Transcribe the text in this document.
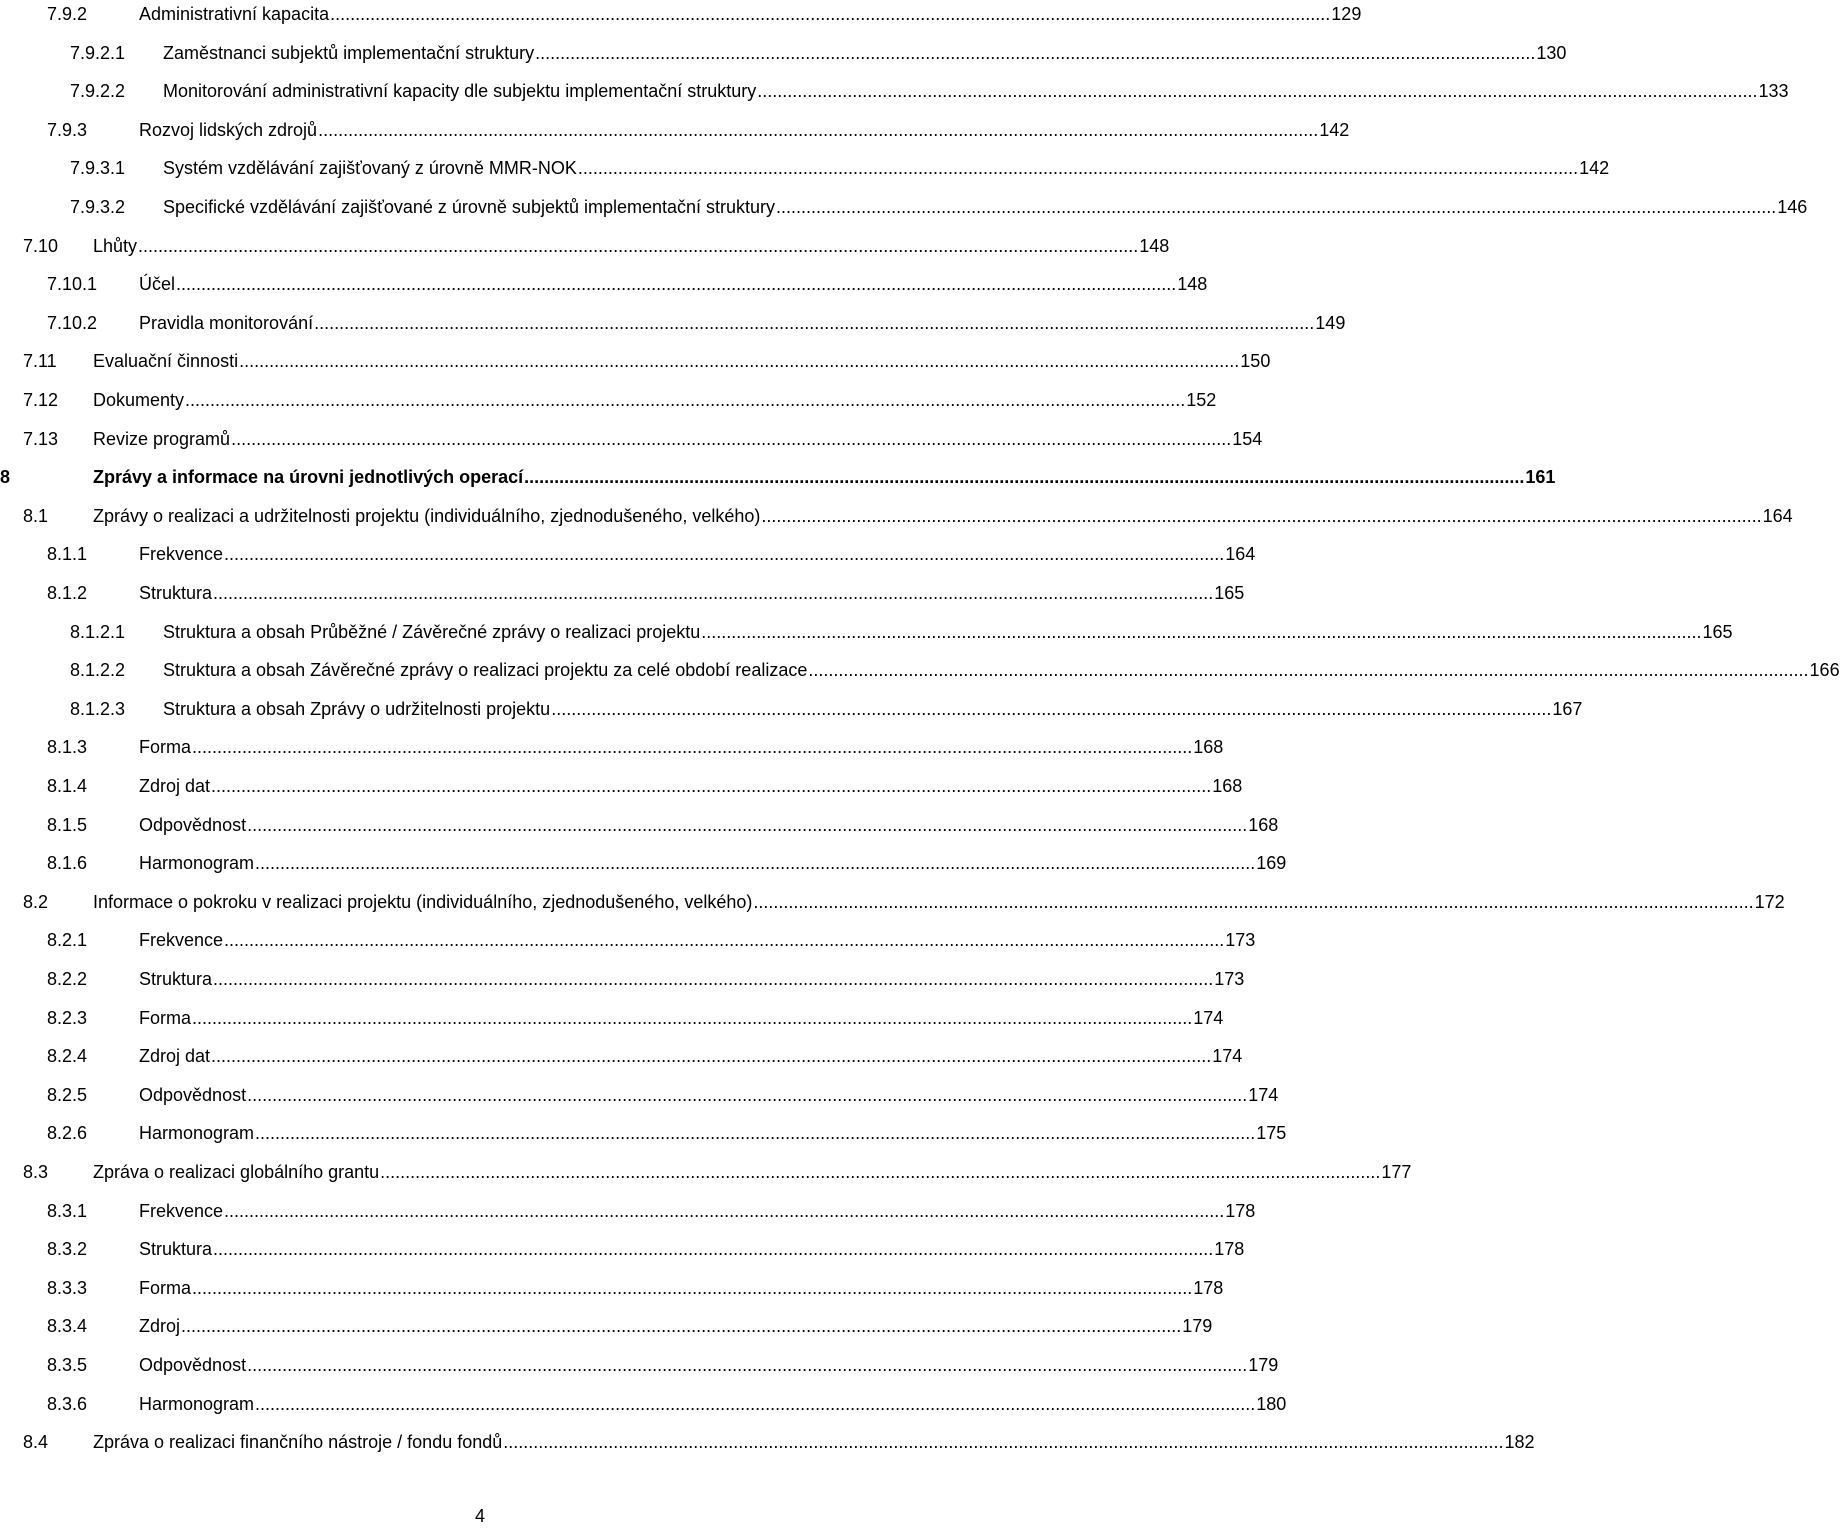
7.9.2	Administrativní kapacita ........................................................................................................................................................................................................ 129
7.9.2.1 Zaměstnanci subjektů implementační struktury ........................................................................................................................................................................................................ 130
7.9.2.2 Monitorování administrativní kapacity dle subjektu implementační struktury ........................................................................................................................................................................................................ 133
7.9.3	Rozvoj lidských zdrojů ........................................................................................................................................................................................................ 142
7.9.3.1 Systém vzdělávání zajišťovaný z úrovně MMR-NOK ........................................................................................................................................................................................................ 142
7.9.3.2 Specifické vzdělávání zajišťované z úrovně subjektů implementační struktury ........................................................................................................................................................................................................ 146
7.10 Lhůty ........................................................................................................................................................................................................ 148
7.10.1 Účel ........................................................................................................................................................................................................ 148
7.10.2 Pravidla monitorování ........................................................................................................................................................................................................ 149
7.11 Evaluační činnosti ........................................................................................................................................................................................................ 150
7.12 Dokumenty ........................................................................................................................................................................................................ 152
7.13 Revize programů ........................................................................................................................................................................................................ 154
8	Zprávy a informace na úrovni jednotlivých operací ........................................................................................................................................................................................................ 161
8.1 Zprávy o realizaci a udržitelnosti projektu (individuálního, zjednodušeného, velkého) ........................................................................................................................................................................................................ 164
8.1.1	Frekvence ........................................................................................................................................................................................................ 164
8.1.2	Struktura ........................................................................................................................................................................................................ 165
8.1.2.1 Struktura a obsah Průběžné / Závěrečné zprávy o realizaci projektu ........................................................................................................................................................................................................ 165
8.1.2.2 Struktura a obsah Závěrečné zprávy o realizaci projektu za celé období realizace ........................................................................................................................................................................................................ 166
8.1.2.3 Struktura a obsah Zprávy o udržitelnosti projektu ........................................................................................................................................................................................................ 167
8.1.3	Forma ........................................................................................................................................................................................................ 168
8.1.4	Zdroj dat ........................................................................................................................................................................................................ 168
8.1.5	Odpovědnost ........................................................................................................................................................................................................ 168
8.1.6	Harmonogram ........................................................................................................................................................................................................ 169
8.2 Informace o pokroku v realizaci projektu (individuálního, zjednodušeného, velkého) ........................................................................................................................................................................................................ 172
8.2.1	Frekvence ........................................................................................................................................................................................................ 173
8.2.2	Struktura ........................................................................................................................................................................................................ 173
8.2.3	Forma ........................................................................................................................................................................................................ 174
8.2.4	Zdroj dat ........................................................................................................................................................................................................ 174
8.2.5	Odpovědnost ........................................................................................................................................................................................................ 174
8.2.6	Harmonogram ........................................................................................................................................................................................................ 175
8.3 Zpráva o realizaci globálního grantu ........................................................................................................................................................................................................ 177
8.3.1	Frekvence ........................................................................................................................................................................................................ 178
8.3.2	Struktura ........................................................................................................................................................................................................ 178
8.3.3	Forma ........................................................................................................................................................................................................ 178
8.3.4	Zdroj ........................................................................................................................................................................................................ 179
8.3.5	Odpovědnost ........................................................................................................................................................................................................ 179
8.3.6	Harmonogram ........................................................................................................................................................................................................ 180
8.4 Zpráva o realizaci finančního nástroje / fondu fondů ........................................................................................................................................................................................................ 182
4
